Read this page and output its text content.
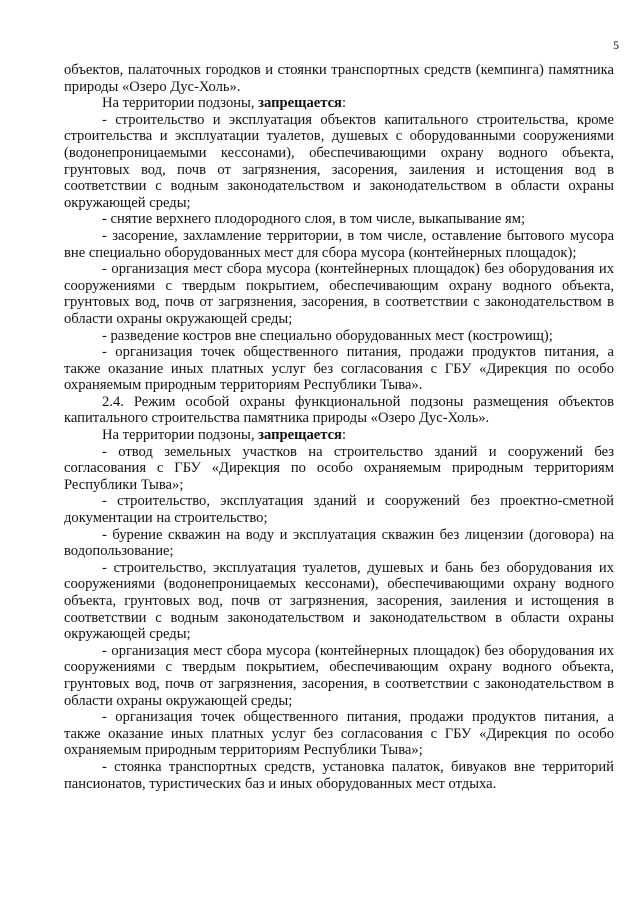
5

объектов, палаточных городков и стоянки транспортных средств (кемпинга) памятника природы «Озеро Дус-Холь».

На территории подзоны, запрещается:

- строительство и эксплуатация объектов капитального строительства, кроме строительства и эксплуатации туалетов, душевых с оборудованными сооружениями (водонепроницаемыми кессонами), обеспечивающими охрану водного объекта, грунтовых вод, почв от загрязнения, засорения, заиления и истощения вод в соответствии с водным законодательством и законодательством в области охраны окружающей среды;

- снятие верхнего плодородного слоя, в том числе, выкапывание ям;

- засорение, захламление территории, в том числе, оставление бытового мусора вне специально оборудованных мест для сбора мусора (контейнерных площадок);

- организация мест сбора мусора (контейнерных площадок) без оборудования их сооружениями с твердым покрытием, обеспечивающим охрану водного объекта, грунтовых вод, почв от загрязнения, засорения, в соответствии с законодательством в области охраны окружающей среды;

- разведение костров вне специально оборудованных мест (кострowищ);

- организация точек общественного питания, продажи продуктов питания, а также оказание иных платных услуг без согласования с ГБУ «Дирекция по особо охраняемым природным территориям Республики Тыва».

2.4. Режим особой охраны функциональной подзоны размещения объектов капитального строительства памятника природы «Озеро Дус-Холь».

На территории подзоны, запрещается:

- отвод земельных участков на строительство зданий и сооружений без согласования с ГБУ «Дирекция по особо охраняемым природным территориям Республики Тыва»;

- строительство, эксплуатация зданий и сооружений без проектно-сметной документации на строительство;

- бурение скважин на воду и эксплуатация скважин без лицензии (договора) на водопользование;

- строительство, эксплуатация туалетов, душевых и бань без оборудования их сооружениями (водонепроницаемых кессонами), обеспечивающими охрану водного объекта, грунтовых вод, почв от загрязнения, засорения, заиления и истощения в соответствии с водным законодательством и законодательством в области охраны окружающей среды;

- организация мест сбора мусора (контейнерных площадок) без оборудования их сооружениями с твердым покрытием, обеспечивающим охрану водного объекта, грунтовых вод, почв от загрязнения, засорения, в соответствии с законодательством в области охраны окружающей среды;

- организация точек общественного питания, продажи продуктов питания, а также оказание иных платных услуг без согласования с ГБУ «Дирекция по особо охраняемым природным территориям Республики Тыва»;

- стоянка транспортных средств, установка палаток, бивуаков вне территорий пансионатов, туристических баз и иных оборудованных мест отдыха.
